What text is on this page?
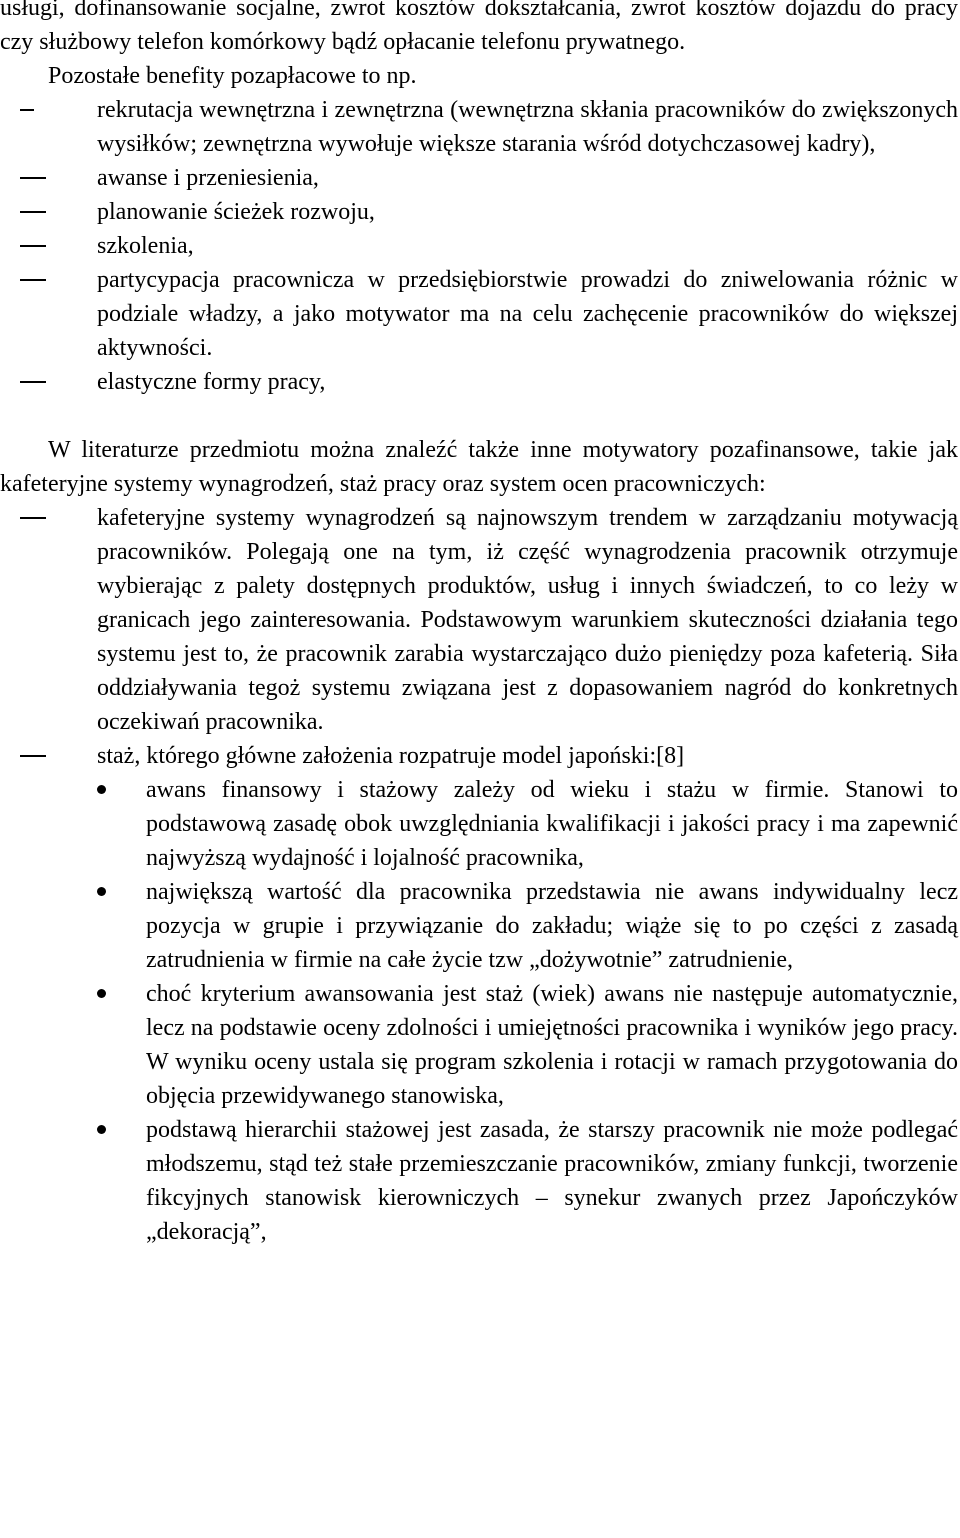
usługi, dofinansowanie socjalne, zwrot kosztów dokształcania, zwrot kosztów dojazdu do pracy czy służbowy telefon komórkowy bądź opłacanie telefonu prywatnego.

Pozostałe benefity pozapłacowe to np.

rekrutacja wewnętrzna i zewnętrzna (wewnętrzna skłania pracowników do zwiększonych wysiłków; zewnętrzna wywołuje większe starania wśród dotychczasowej kadry),
awanse i przeniesienia,
planowanie ścieżek rozwoju,
szkolenia,
partycypacja pracownicza w przedsiębiorstwie prowadzi do zniwelowania różnic w podziale władzy, a jako motywator ma na celu zachęcenie pracowników do większej aktywności.
elastyczne formy pracy,

W literaturze przedmiotu można znaleźć także inne motywatory pozafinansowe, takie jak kafeteryjne systemy wynagrodzeń, staż pracy oraz system ocen pracowniczych:

kafeteryjne systemy wynagrodzeń są najnowszym trendem w zarządzaniu motywacją pracowników. Polegają one na tym, iż część wynagrodzenia pracownik otrzymuje wybierając z palety dostępnych produktów, usług i innych świadczeń, to co leży w granicach jego zainteresowania. Podstawowym warunkiem skuteczności działania tego systemu jest to, że pracownik zarabia wystarczająco dużo pieniędzy poza kafeterią. Siła oddziaływania tegoż systemu związana jest z dopasowaniem nagród do konkretnych oczekiwań pracownika.
staż, którego główne założenia rozpatruje model japoński:[8]
awans finansowy i stażowy zależy od wieku i stażu w firmie. Stanowi to podstawową zasadę obok uwzględniania kwalifikacji i jakości pracy i ma zapewnić najwyższą wydajność i lojalność pracownika,
największą wartość dla pracownika przedstawia nie awans indywidualny lecz pozycja w grupie i przywiązanie do zakładu; wiąże się to po części z zasadą zatrudnienia w firmie na całe życie tzw „dożywotnie” zatrudnienie,
choć kryterium awansowania jest staż (wiek) awans nie następuje automatycznie, lecz na podstawie oceny zdolności i umiejętności pracownika i wyników jego pracy. W wyniku oceny ustala się program szkolenia i rotacji w ramach przygotowania do objęcia przewidywanego stanowiska,
podstawą hierarchii stażowej jest zasada, że starszy pracownik nie może podlegać młodszemu, stąd też stałe przemieszczanie pracowników, zmiany funkcji, tworzenie fikcyjnych stanowisk kierowniczych – synekur zwanych przez Japończyków „dekoracją”,
